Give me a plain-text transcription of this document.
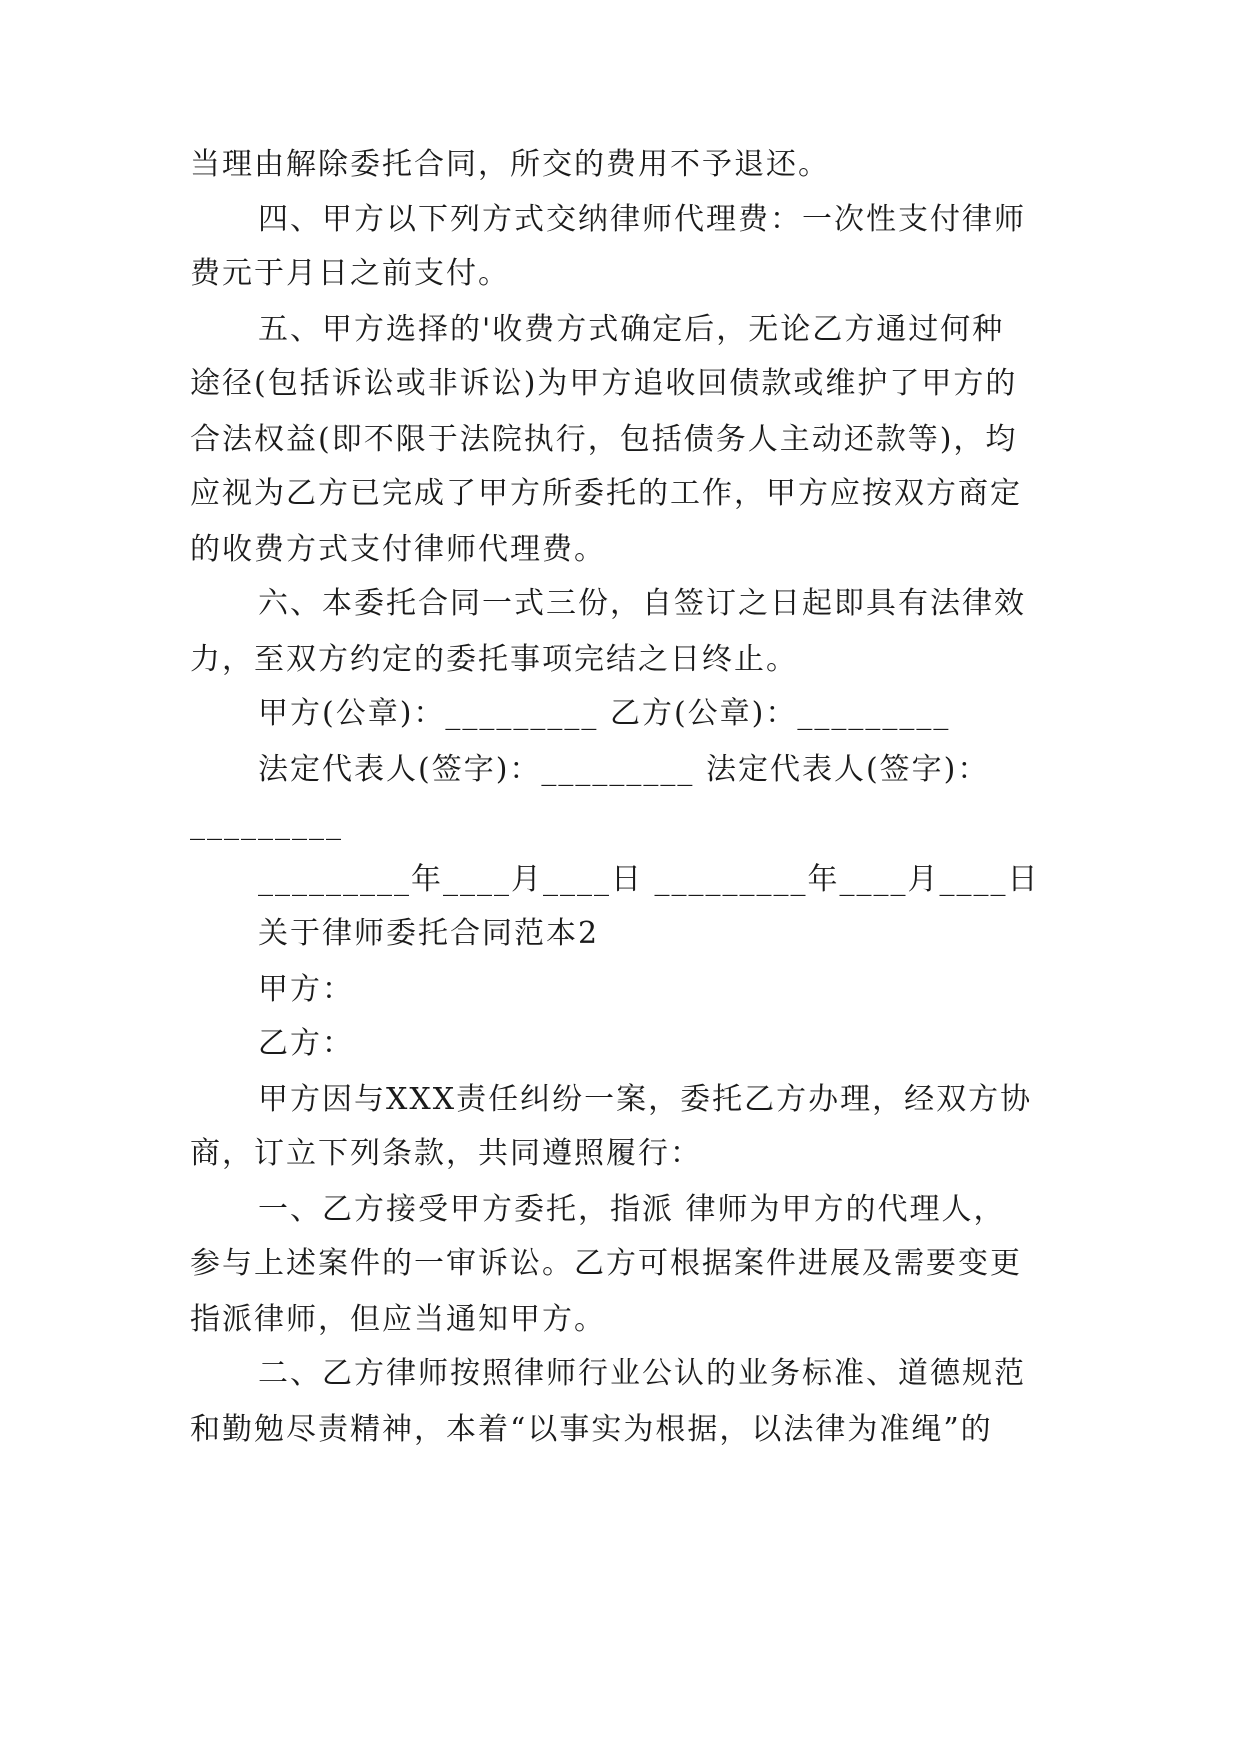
当理由解除委托合同，所交的费用不予退还。
四、甲方以下列方式交纳律师代理费：一次性支付律师
费元于月日之前支付。
五、甲方选择的'收费方式确定后，无论乙方通过何种
途径(包括诉讼或非诉讼)为甲方追收回债款或维护了甲方的
合法权益(即不限于法院执行，包括债务人主动还款等)，均
应视为乙方已完成了甲方所委托的工作，甲方应按双方商定
的收费方式支付律师代理费。
六、本委托合同一式三份，自签订之日起即具有法律效
力，至双方约定的委托事项完结之日终止。
甲方(公章)：_________ 乙方(公章)：_________
法定代表人(签字)：_________ 法定代表人(签字)：
_________
_________年____月____日 _________年____月____日
关于律师委托合同范本2
甲方：
乙方：
甲方因与XXX责任纠纷一案，委托乙方办理，经双方协
商，订立下列条款，共同遵照履行：
一、乙方接受甲方委托，指派 律师为甲方的代理人，
参与上述案件的一审诉讼。乙方可根据案件进展及需要变更
指派律师，但应当通知甲方。
二、乙方律师按照律师行业公认的业务标准、道德规范
和勤勉尽责精神，本着“以事实为根据，以法律为准绳”的
